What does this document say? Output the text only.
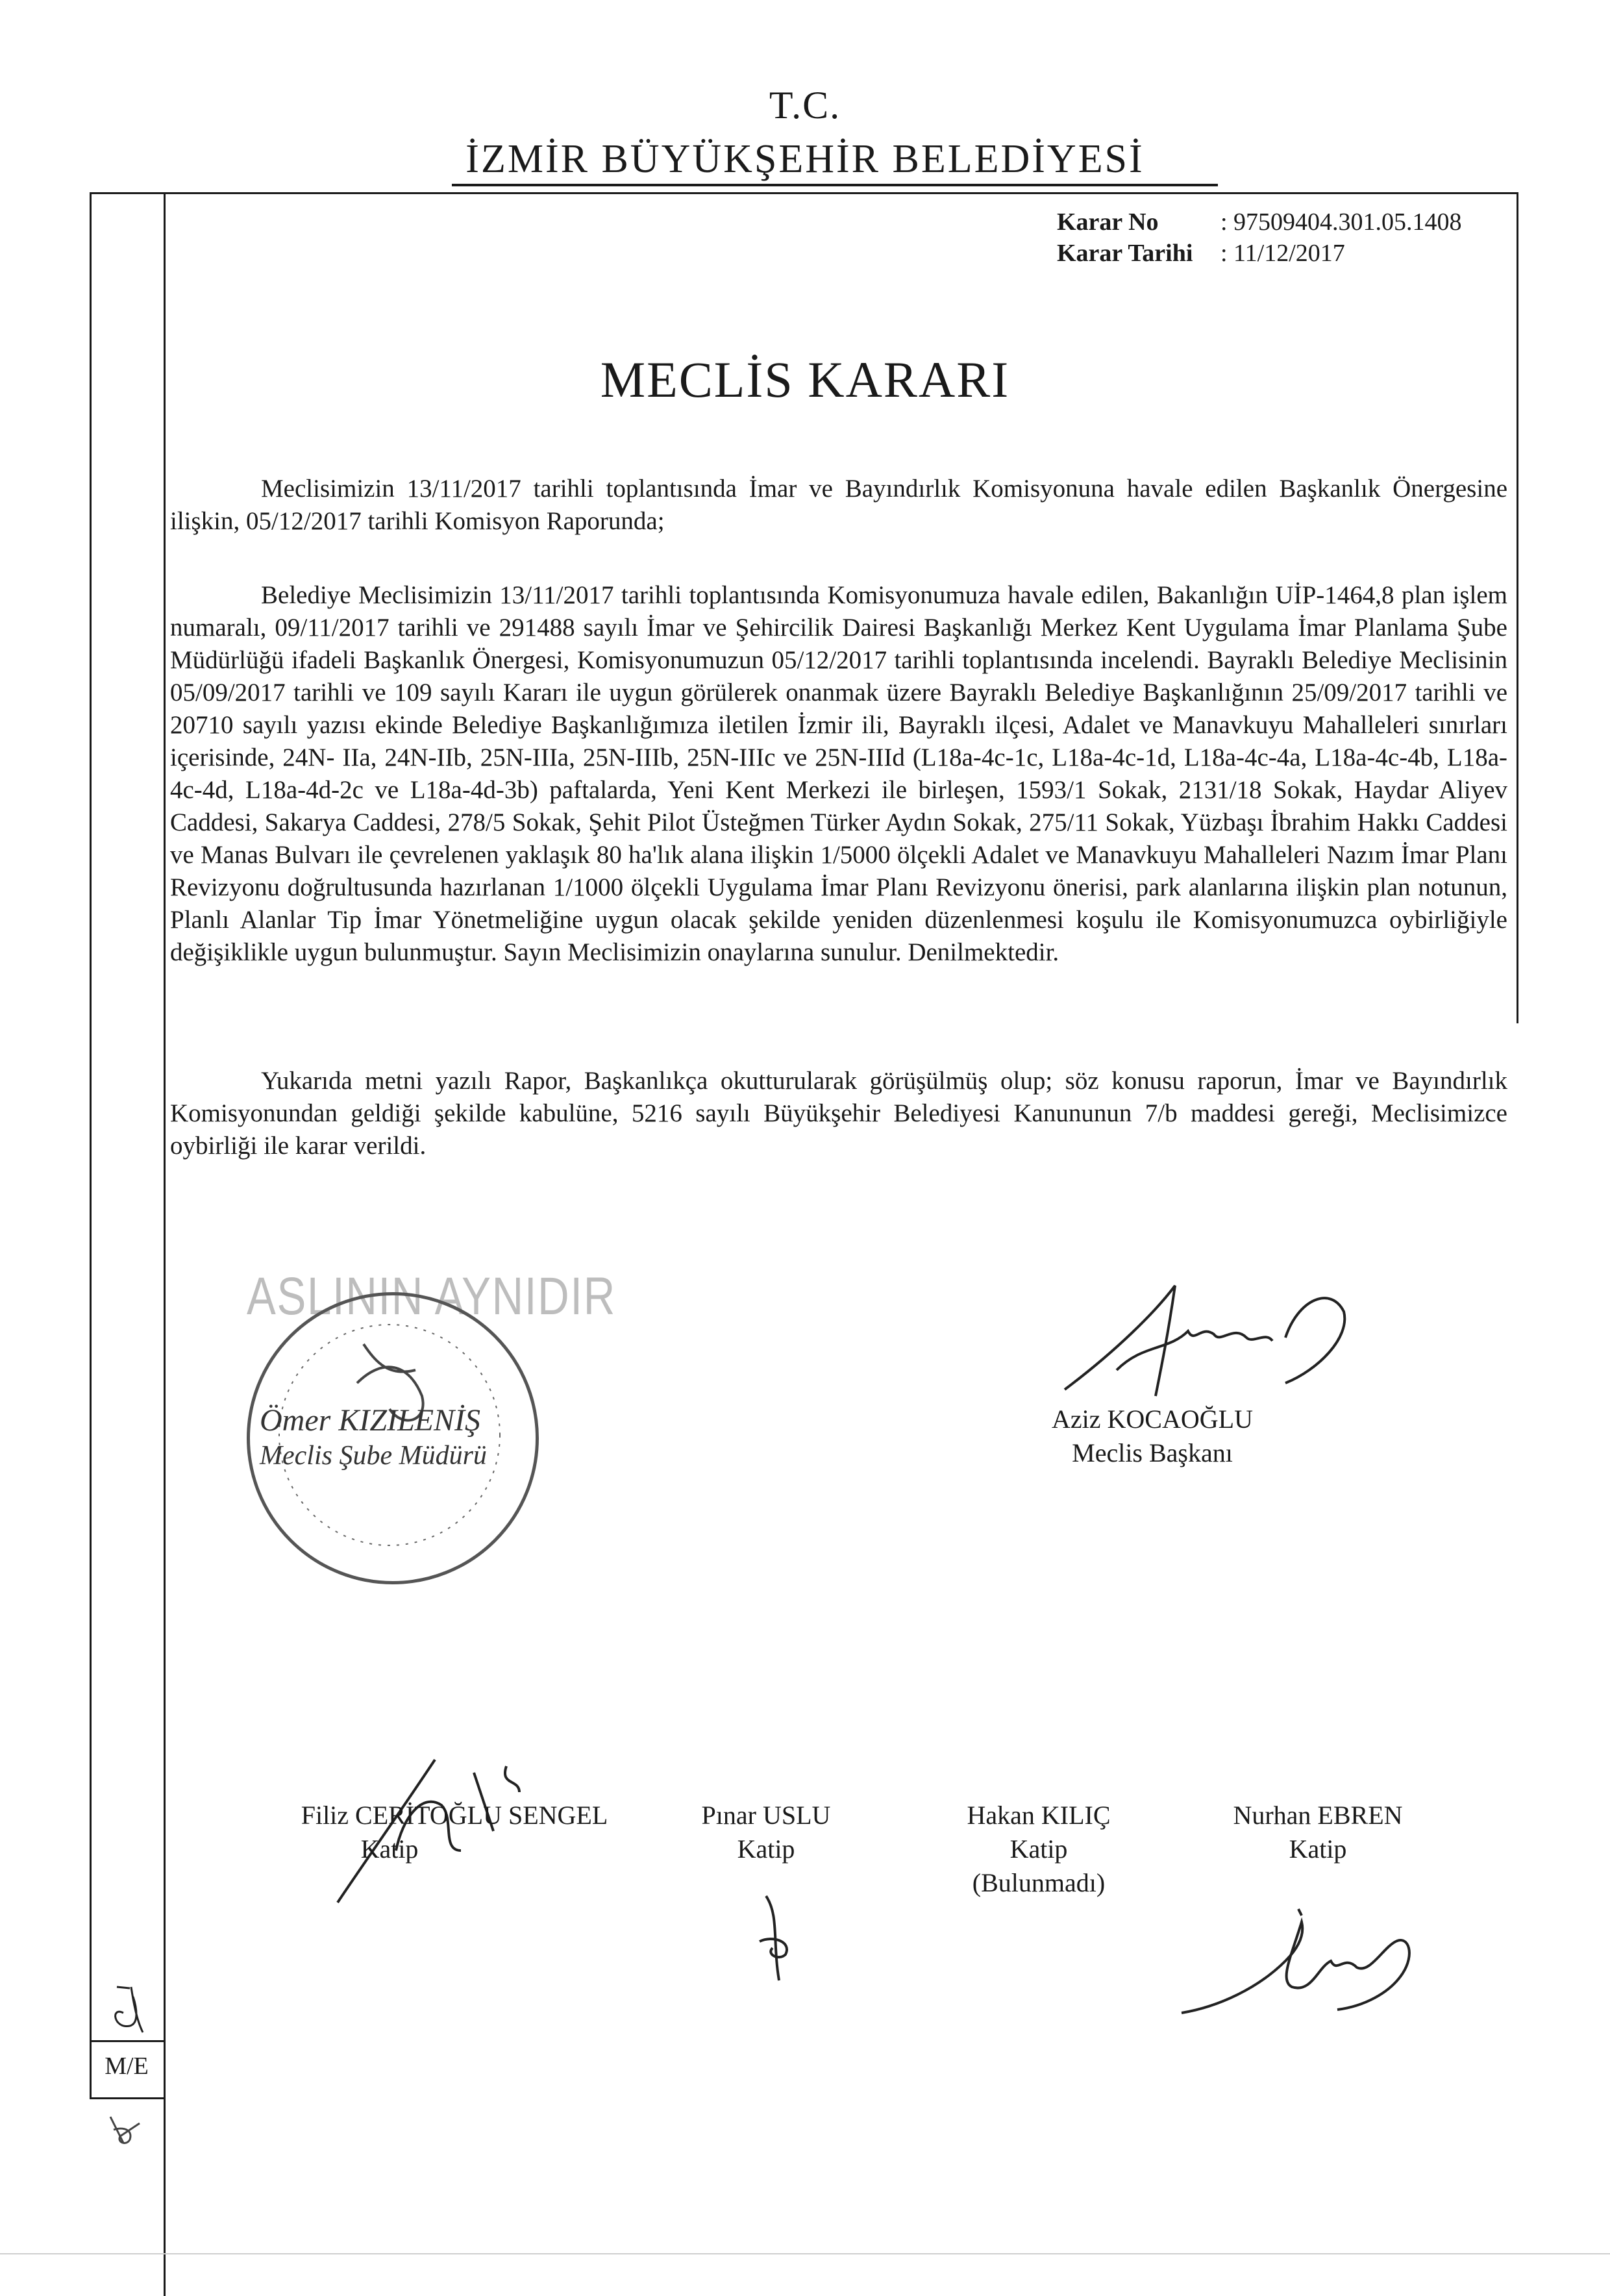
T.C.
İZMİR BÜYÜKŞEHİR BELEDİYESİ
M/E
Karar No	: 97509404.301.05.1408
Karar Tarihi : 11/12/2017
MECLİS KARARI
Meclisimizin 13/11/2017 tarihli toplantısında İmar ve Bayındırlık Komisyonuna havale edilen Başkanlık Önergesine ilişkin, 05/12/2017 tarihli Komisyon Raporunda;
Belediye Meclisimizin 13/11/2017 tarihli toplantısında Komisyonumuza havale edilen, Bakanlığın UİP-1464,8 plan işlem numaralı, 09/11/2017 tarihli ve 291488 sayılı İmar ve Şehircilik Dairesi Başkanlığı Merkez Kent Uygulama İmar Planlama Şube Müdürlüğü ifadeli Başkanlık Önergesi, Komisyonumuzun 05/12/2017 tarihli toplantısında incelendi. Bayraklı Belediye Meclisinin 05/09/2017 tarihli ve 109 sayılı Kararı ile uygun görülerek onanmak üzere Bayraklı Belediye Başkanlığının 25/09/2017 tarihli ve 20710 sayılı yazısı ekinde Belediye Başkanlığımıza iletilen İzmir ili, Bayraklı ilçesi, Adalet ve Manavkuyu Mahalleleri sınırları içerisinde, 24N- IIa, 24N-IIb, 25N-IIIa, 25N-IIIb, 25N-IIIc ve 25N-IIId (L18a-4c-1c, L18a-4c-1d, L18a-4c-4a, L18a-4c-4b, L18a-4c-4d, L18a-4d-2c ve L18a-4d-3b) paftalarda, Yeni Kent Merkezi ile birleşen, 1593/1 Sokak, 2131/18 Sokak, Haydar Aliyev Caddesi, Sakarya Caddesi, 278/5 Sokak, Şehit Pilot Üsteğmen Türker Aydın Sokak, 275/11 Sokak, Yüzbaşı İbrahim Hakkı Caddesi ve Manas Bulvarı ile çevrelenen yaklaşık 80 ha'lık alana ilişkin 1/5000 ölçekli Adalet ve Manavkuyu Mahalleleri Nazım İmar Planı Revizyonu doğrultusunda hazırlanan 1/1000 ölçekli Uygulama İmar Planı Revizyonu önerisi, park alanlarına ilişkin plan notunun, Planlı Alanlar Tip İmar Yönetmeliğine uygun olacak şekilde yeniden düzenlenmesi koşulu ile Komisyonumuzca oybirliğiyle değişiklikle uygun bulunmuştur. Sayın Meclisimizin onaylarına sunulur. Denilmektedir.
Yukarıda metni yazılı Rapor, Başkanlıkça okutturularak görüşülmüş olup; söz konusu raporun, İmar ve Bayındırlık Komisyonundan geldiği şekilde kabulüne, 5216 sayılı Büyükşehir Belediyesi Kanununun 7/b maddesi gereği, Meclisimizce oybirliği ile karar verildi.
ASLININ AYNIDIR
Ömer KIZILENİŞ
Meclis Şube Müdürü
Aziz KOCAOĞLU
Meclis Başkanı
Filiz CERİTOĞLU SENGEL
Katip
Pınar USLU
Katip
Hakan KILIÇ
Katip
(Bulunmadı)
Nurhan EBREN
Katip
